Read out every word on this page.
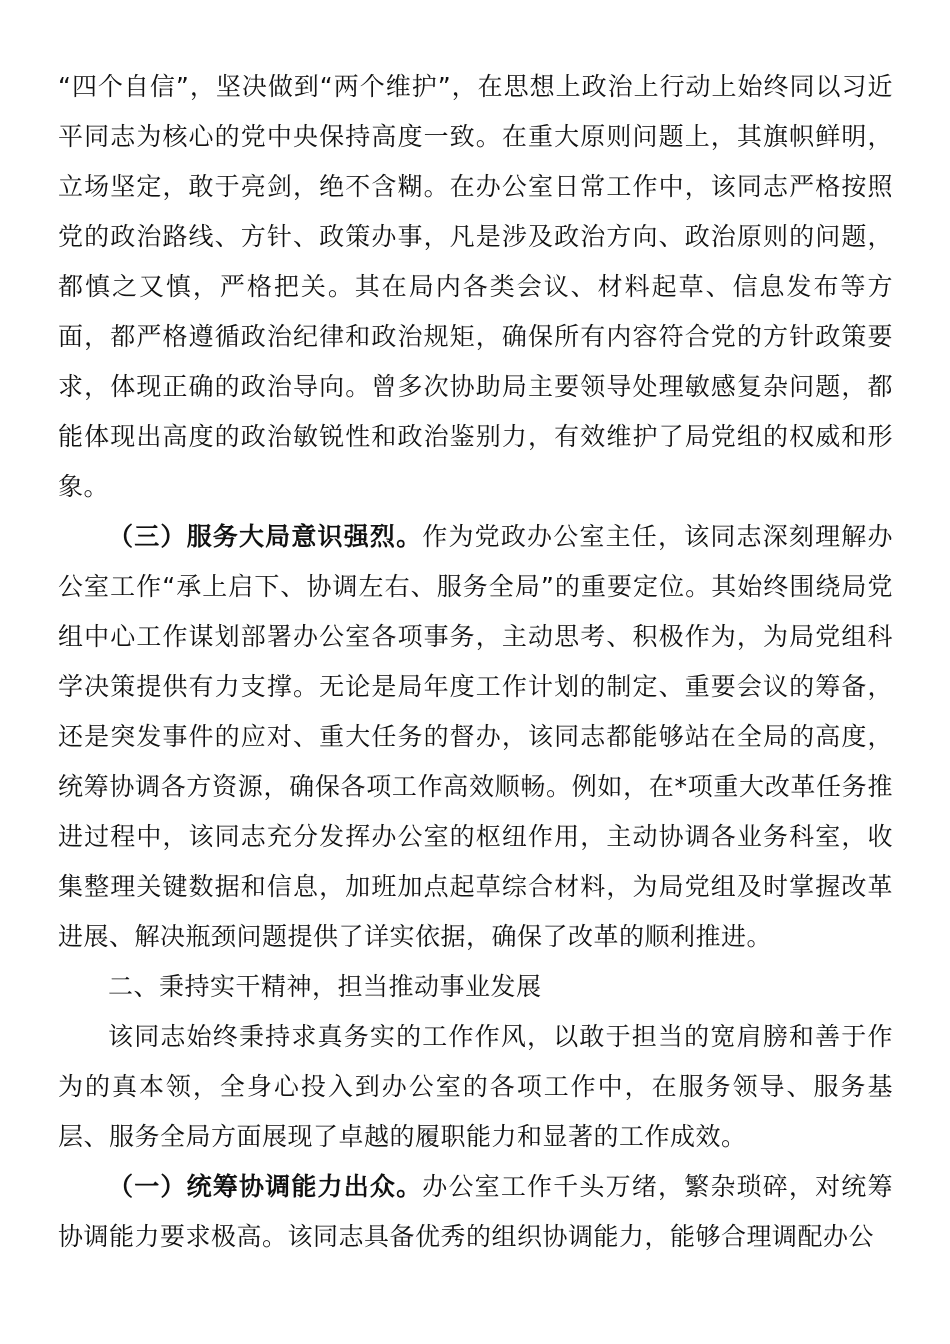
“四个自信”，坚决做到“两个维护”，在思想上政治上行动上始终同以习近平同志为核心的党中央保持高度一致。在重大原则问题上，其旗帜鲜明，立场坚定，敢于亮剑，绝不含糊。在办公室日常工作中，该同志严格按照党的政治路线、方针、政策办事，凡是涉及政治方向、政治原则的问题，都慎之又慎，严格把关。其在局内各类会议、材料起草、信息发布等方面，都严格遵循政治纪律和政治规矩，确保所有内容符合党的方针政策要求，体现正确的政治导向。曾多次协助局主要领导处理敏感复杂问题，都能体现出高度的政治敏锐性和政治鉴别力，有效维护了局党组的权威和形象。

（三）服务大局意识强烈。作为党政办公室主任，该同志深刻理解办公室工作“承上启下、协调左右、服务全局”的重要定位。其始终围绕局党组中心工作谋划部署办公室各项事务，主动思考、积极作为，为局党组科学决策提供有力支撑。无论是局年度工作计划的制定、重要会议的筹备，还是突发事件的应对、重大任务的督办，该同志都能够站在全局的高度，统筹协调各方资源，确保各项工作高效顺畅。例如，在*项重大改革任务推进过程中，该同志充分发挥办公室的枢纽作用，主动协调各业务科室，收集整理关键数据和信息，加班加点起草综合材料，为局党组及时掌握改革进展、解决瓶颈问题提供了详实依据，确保了改革的顺利推进。

二、秉持实干精神，担当推动事业发展

该同志始终秉持求真务实的工作作风，以敢于担当的宽肩膀和善于作为的真本领，全身心投入到办公室的各项工作中，在服务领导、服务基层、服务全局方面展现了卓越的履职能力和显著的工作成效。

（一）统筹协调能力出众。办公室工作千头万绪，繁杂琐碎，对统筹协调能力要求极高。该同志具备优秀的组织协调能力，能够合理调配办公
